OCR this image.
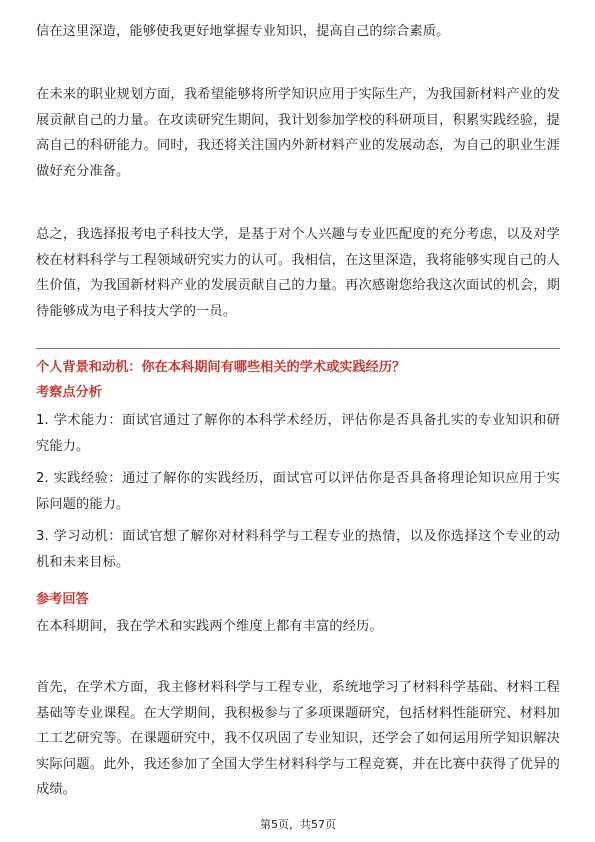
信在这里深造，能够使我更好地掌握专业知识，提高自己的综合素质。

在未来的职业规划方面，我希望能够将所学知识应用于实际生产，为我国新材料产业的发展贡献自己的力量。在攻读研究生期间，我计划参加学校的科研项目，积累实践经验，提高自己的科研能力。同时，我还将关注国内外新材料产业的发展动态，为自己的职业生涯做好充分准备。

总之，我选择报考电子科技大学，是基于对个人兴趣与专业匹配度的充分考虑，以及对学校在材料科学与工程领域研究实力的认可。我相信，在这里深造，我将能够实现自己的人生价值，为我国新材料产业的发展贡献自己的力量。再次感谢您给我这次面试的机会，期待能够成为电子科技大学的一员。

个人背景和动机：你在本科期间有哪些相关的学术或实践经历？
考察点分析

1. 学术能力：面试官通过了解你的本科学术经历，评估你是否具备扎实的专业知识和研究能力。

2. 实践经验：通过了解你的实践经历，面试官可以评估你是否具备将理论知识应用于实际问题的能力。

3. 学习动机：面试官想了解你对材料科学与工程专业的热情，以及你选择这个专业的动机和未来目标。

参考回答

在本科期间，我在学术和实践两个维度上都有丰富的经历。

首先，在学术方面，我主修材料科学与工程专业，系统地学习了材料科学基础、材料工程基础等专业课程。在大学期间，我积极参与了多项课题研究，包括材料性能研究、材料加工工艺研究等。在课题研究中，我不仅巩固了专业知识，还学会了如何运用所学知识解决实际问题。此外，我还参加了全国大学生材料科学与工程竞赛，并在比赛中获得了优异的成绩。

第5页，共57页
